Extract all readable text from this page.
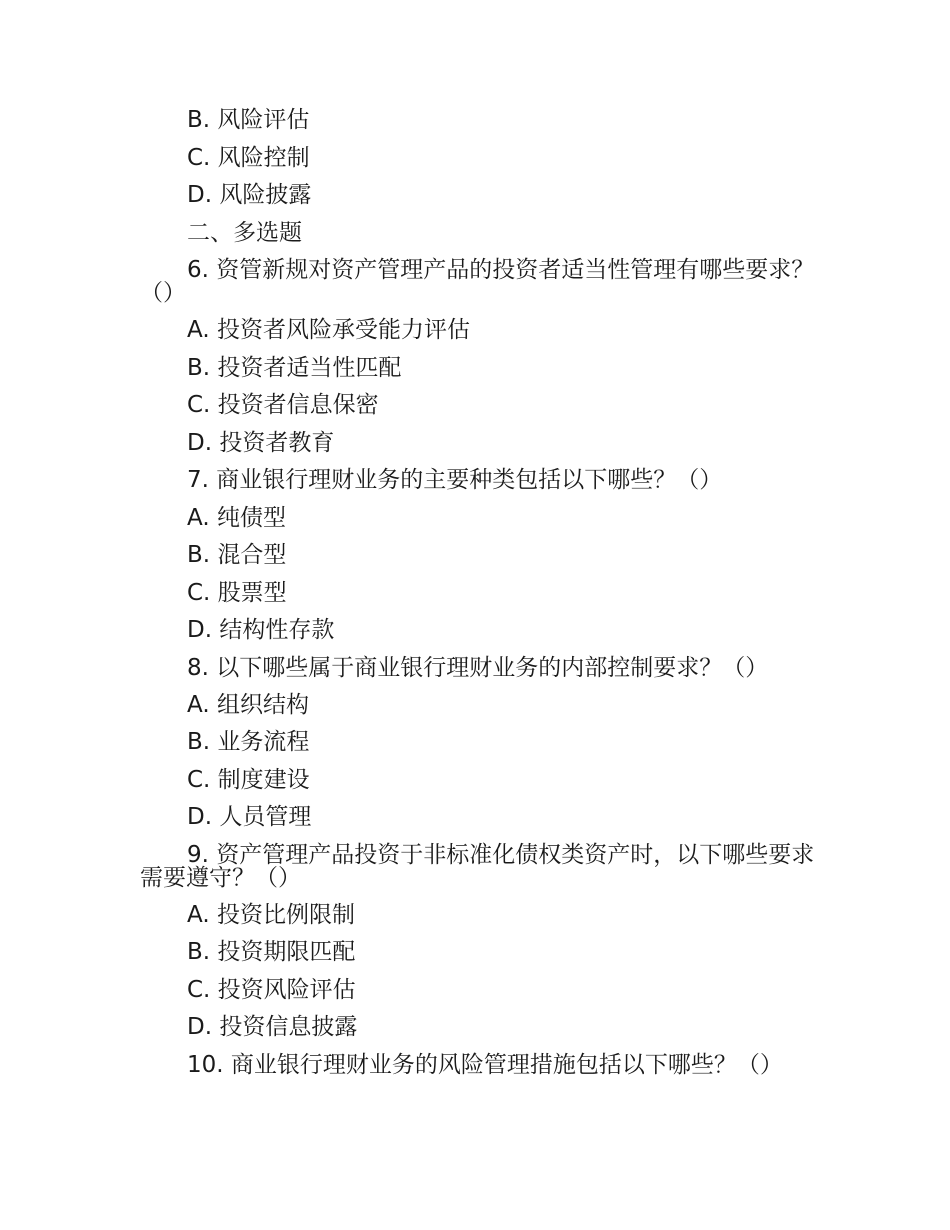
B. 风险评估
C. 风险控制
D. 风险披露
二、多选题
6. 资管新规对资产管理产品的投资者适当性管理有哪些要求？（）
A. 投资者风险承受能力评估
B. 投资者适当性匹配
C. 投资者信息保密
D. 投资者教育
7. 商业银行理财业务的主要种类包括以下哪些？（）
A. 纯债型
B. 混合型
C. 股票型
D. 结构性存款
8. 以下哪些属于商业银行理财业务的内部控制要求？（）
A. 组织结构
B. 业务流程
C. 制度建设
D. 人员管理
9. 资产管理产品投资于非标准化债权类资产时，以下哪些要求需要遵守？（）
A. 投资比例限制
B. 投资期限匹配
C. 投资风险评估
D. 投资信息披露
10. 商业银行理财业务的风险管理措施包括以下哪些？（）
